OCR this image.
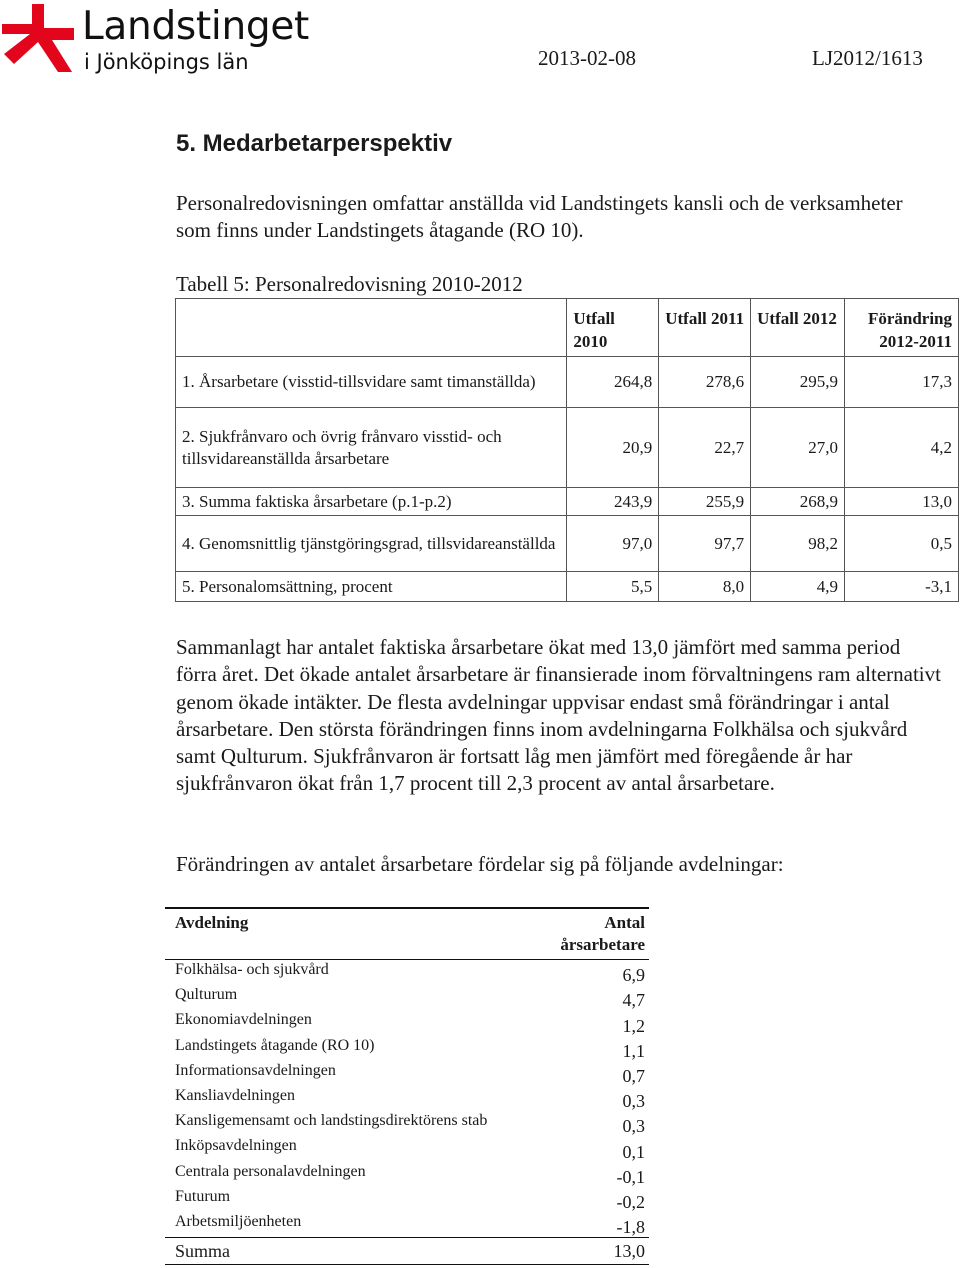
Landstinget
i Jönköpings län	2013-02-08	LJ2012/1613
5. Medarbetarperspektiv
Personalredovisningen omfattar anställda vid Landstingets kansli och de verksamheter som finns under Landstingets åtagande (RO 10).
Tabell 5: Personalredovisning 2010-2012
	Utfall 2010	Utfall 2011	Utfall 2012	Förändring 2012-2011
1. Årsarbetare (visstid-tillsvidare samt timanställda)	264,8	278,6	295,9	17,3
2. Sjukfrånvaro och övrig frånvaro visstid- och tillsvidareanställda årsarbetare	20,9	22,7	27,0	4,2
3. Summa faktiska årsarbetare (p.1-p.2)	243,9	255,9	268,9	13,0
4. Genomsnittlig tjänstgöringsgrad, tillsvidareanställda	97,0	97,7	98,2	0,5
5. Personalomsättning, procent	5,5	8,0	4,9	-3,1
Sammanlagt har antalet faktiska årsarbetare ökat med 13,0 jämfört med samma period förra året. Det ökade antalet årsarbetare är finansierade inom förvaltningens ram alternativt genom ökade intäkter. De flesta avdelningar uppvisar endast små förändringar i antal årsarbetare. Den största förändringen finns inom avdelningarna Folkhälsa och sjukvård samt Qulturum. Sjukfrånvaron är fortsatt låg men jämfört med föregående år har sjukfrånvaron ökat från 1,7 procent till 2,3 procent av antal årsarbetare.
Förändringen av antalet årsarbetare fördelar sig på följande avdelningar:
Avdelning	Antal årsarbetare
Folkhälsa- och sjukvård	6,9
Qulturum	4,7
Ekonomiavdelningen	1,2
Landstingets åtagande (RO 10)	1,1
Informationsavdelningen	0,7
Kansliavdelningen	0,3
Kansligemensamt och landstingsdirektörens stab	0,3
Inköpsavdelningen	0,1
Centrala personalavdelningen	-0,1
Futurum	-0,2
Arbetsmiljöenheten	-1,8
Summa	13,0
